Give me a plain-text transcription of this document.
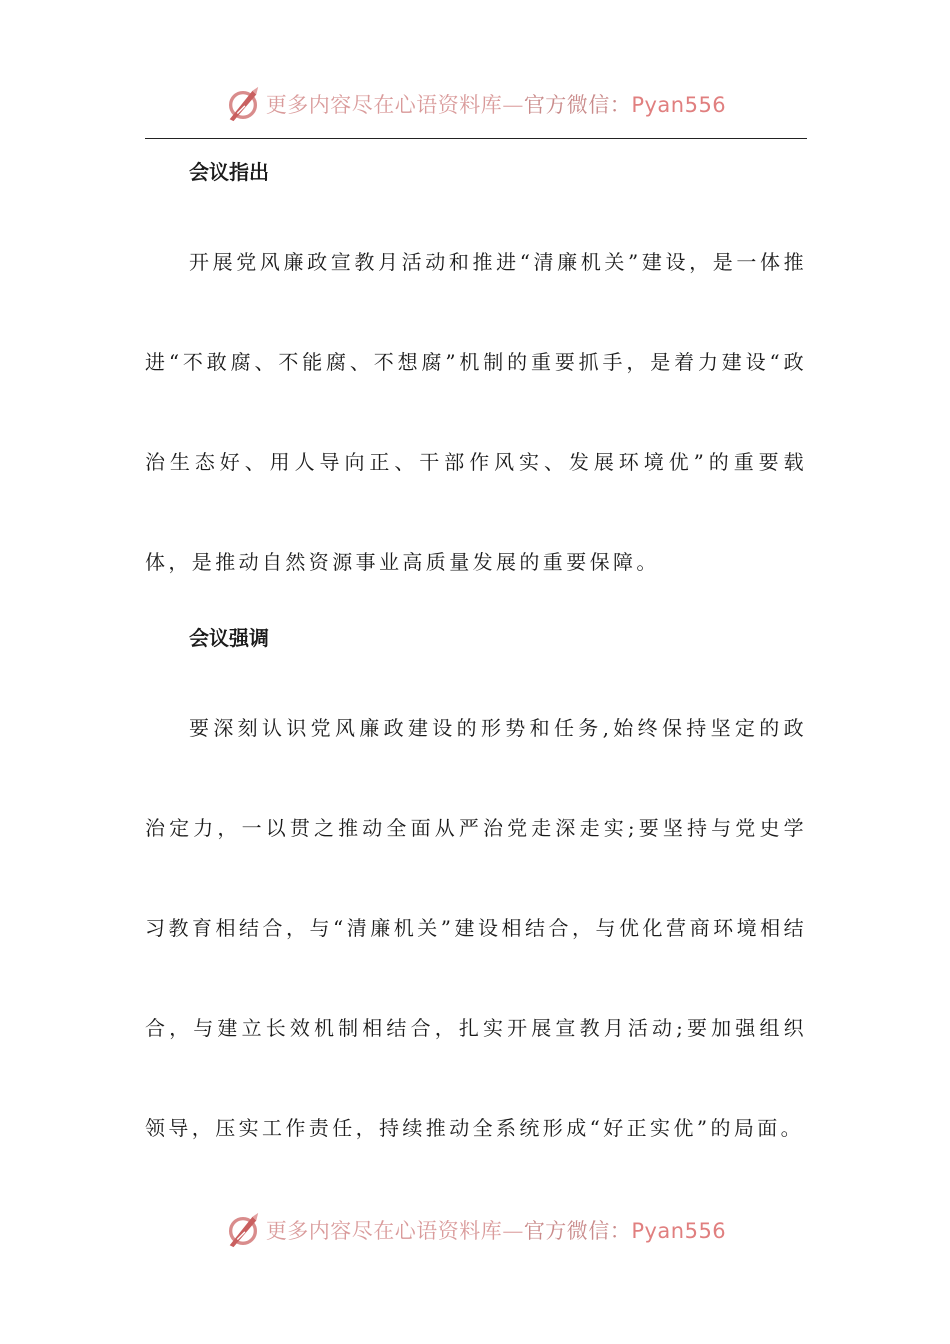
更多内容尽在心语资料库—官方微信：Pyan556

会议指出

开展党风廉政宣教月活动和推进“清廉机关”建设，是一体推进“不敢腐、不能腐、不想腐”机制的重要抓手，是着力建设“政治生态好、用人导向正、干部作风实、发展环境优”的重要载体，是推动自然资源事业高质量发展的重要保障。

会议强调

要深刻认识党风廉政建设的形势和任务,始终保持坚定的政治定力，一以贯之推动全面从严治党走深走实;要坚持与党史学习教育相结合，与“清廉机关”建设相结合，与优化营商环境相结合，与建立长效机制相结合，扎实开展宣教月活动;要加强组织领导，压实工作责任，持续推动全系统形成“好正实优”的局面。

更多内容尽在心语资料库—官方微信：Pyan556
